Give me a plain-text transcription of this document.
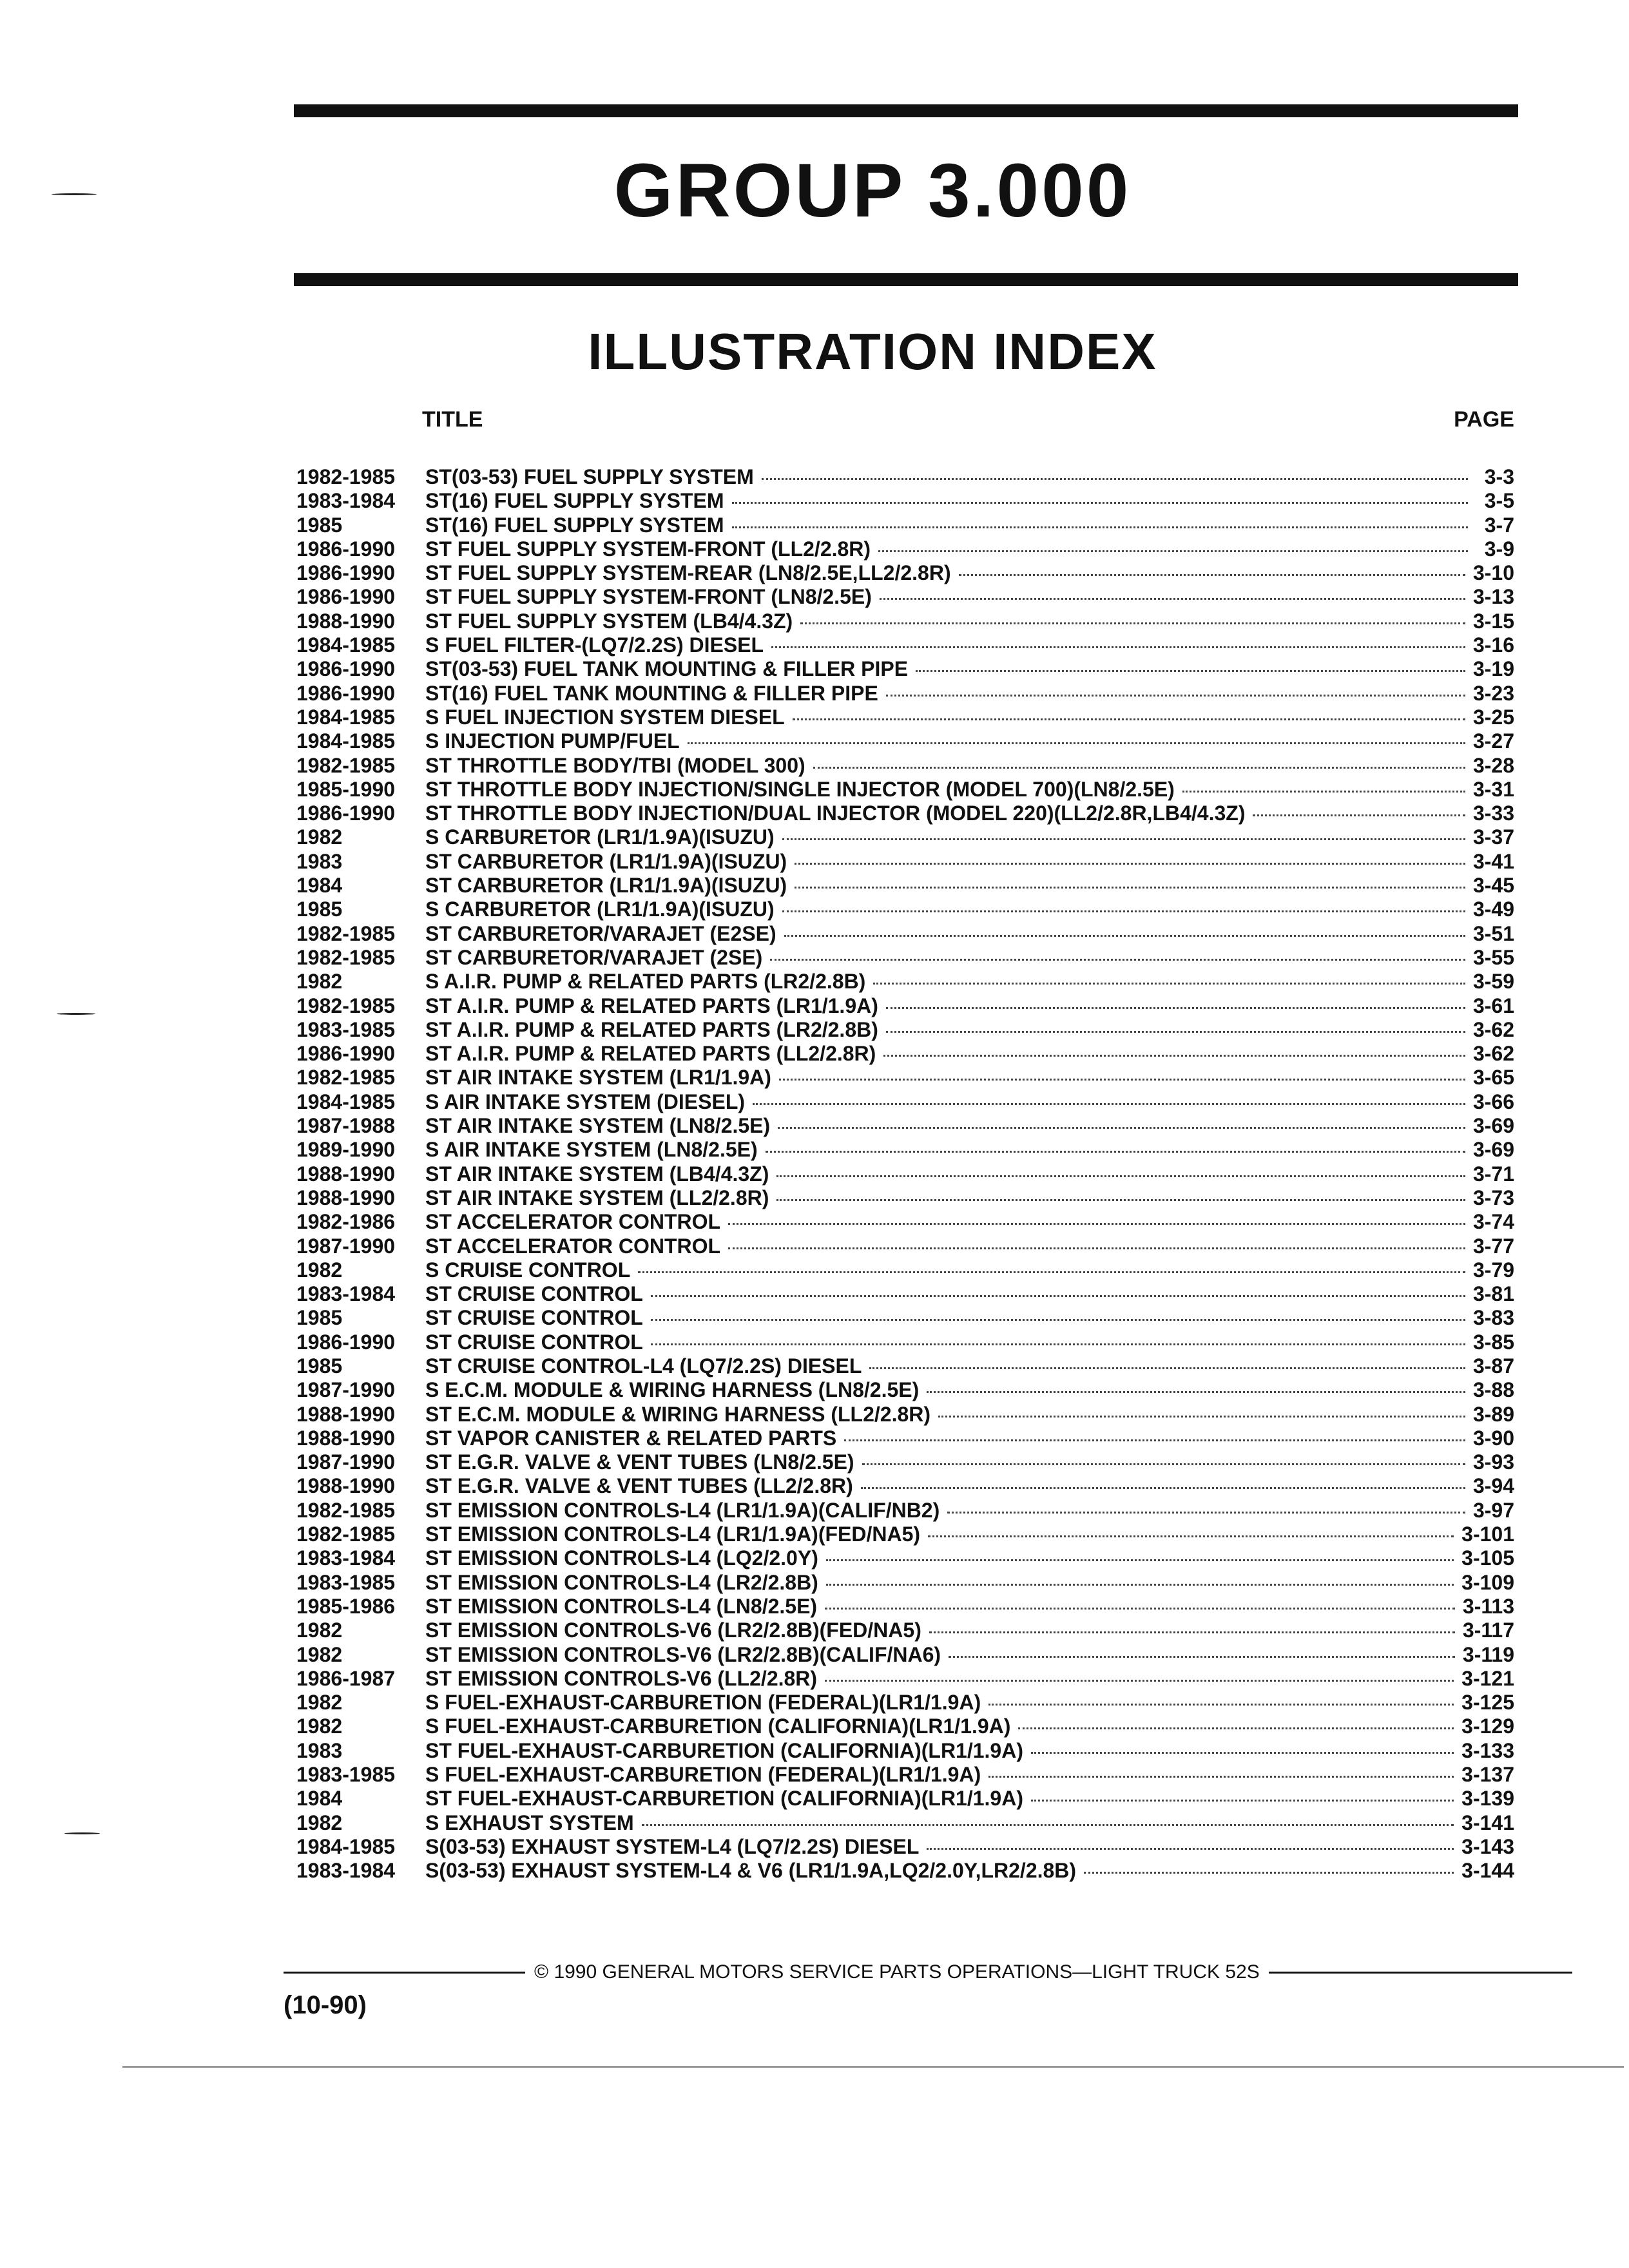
GROUP 3.000
ILLUSTRATION INDEX
TITLE	PAGE
1982-1985	ST(03-53) FUEL SUPPLY SYSTEM	3-3
1983-1984	ST(16) FUEL SUPPLY SYSTEM	3-5
1985	ST(16) FUEL SUPPLY SYSTEM	3-7
1986-1990	ST FUEL SUPPLY SYSTEM-FRONT (LL2/2.8R)	3-9
1986-1990	ST FUEL SUPPLY SYSTEM-REAR (LN8/2.5E,LL2/2.8R)	3-10
1986-1990	ST FUEL SUPPLY SYSTEM-FRONT (LN8/2.5E)	3-13
1988-1990	ST FUEL SUPPLY SYSTEM (LB4/4.3Z)	3-15
1984-1985	S FUEL FILTER-(LQ7/2.2S) DIESEL	3-16
1986-1990	ST(03-53) FUEL TANK MOUNTING & FILLER PIPE	3-19
1986-1990	ST(16) FUEL TANK MOUNTING & FILLER PIPE	3-23
1984-1985	S FUEL INJECTION SYSTEM DIESEL	3-25
1984-1985	S INJECTION PUMP/FUEL	3-27
1982-1985	ST THROTTLE BODY/TBI (MODEL 300)	3-28
1985-1990	ST THROTTLE BODY INJECTION/SINGLE INJECTOR (MODEL 700)(LN8/2.5E)	3-31
1986-1990	ST THROTTLE BODY INJECTION/DUAL INJECTOR (MODEL 220)(LL2/2.8R,LB4/4.3Z)	3-33
1982	S CARBURETOR (LR1/1.9A)(ISUZU)	3-37
1983	ST CARBURETOR (LR1/1.9A)(ISUZU)	3-41
1984	ST CARBURETOR (LR1/1.9A)(ISUZU)	3-45
1985	S CARBURETOR (LR1/1.9A)(ISUZU)	3-49
1982-1985	ST CARBURETOR/VARAJET (E2SE)	3-51
1982-1985	ST CARBURETOR/VARAJET (2SE)	3-55
1982	S A.I.R. PUMP & RELATED PARTS (LR2/2.8B)	3-59
1982-1985	ST A.I.R. PUMP & RELATED PARTS (LR1/1.9A)	3-61
1983-1985	ST A.I.R. PUMP & RELATED PARTS (LR2/2.8B)	3-62
1986-1990	ST A.I.R. PUMP & RELATED PARTS (LL2/2.8R)	3-62
1982-1985	ST AIR INTAKE SYSTEM (LR1/1.9A)	3-65
1984-1985	S AIR INTAKE SYSTEM (DIESEL)	3-66
1987-1988	ST AIR INTAKE SYSTEM (LN8/2.5E)	3-69
1989-1990	S AIR INTAKE SYSTEM (LN8/2.5E)	3-69
1988-1990	ST AIR INTAKE SYSTEM (LB4/4.3Z)	3-71
1988-1990	ST AIR INTAKE SYSTEM (LL2/2.8R)	3-73
1982-1986	ST ACCELERATOR CONTROL	3-74
1987-1990	ST ACCELERATOR CONTROL	3-77
1982	S CRUISE CONTROL	3-79
1983-1984	ST CRUISE CONTROL	3-81
1985	ST CRUISE CONTROL	3-83
1986-1990	ST CRUISE CONTROL	3-85
1985	ST CRUISE CONTROL-L4 (LQ7/2.2S) DIESEL	3-87
1987-1990	S E.C.M. MODULE & WIRING HARNESS (LN8/2.5E)	3-88
1988-1990	ST E.C.M. MODULE & WIRING HARNESS (LL2/2.8R)	3-89
1988-1990	ST VAPOR CANISTER & RELATED PARTS	3-90
1987-1990	ST E.G.R. VALVE & VENT TUBES (LN8/2.5E)	3-93
1988-1990	ST E.G.R. VALVE & VENT TUBES (LL2/2.8R)	3-94
1982-1985	ST EMISSION CONTROLS-L4 (LR1/1.9A)(CALIF/NB2)	3-97
1982-1985	ST EMISSION CONTROLS-L4 (LR1/1.9A)(FED/NA5)	3-101
1983-1984	ST EMISSION CONTROLS-L4 (LQ2/2.0Y)	3-105
1983-1985	ST EMISSION CONTROLS-L4 (LR2/2.8B)	3-109
1985-1986	ST EMISSION CONTROLS-L4 (LN8/2.5E)	3-113
1982	ST EMISSION CONTROLS-V6 (LR2/2.8B)(FED/NA5)	3-117
1982	ST EMISSION CONTROLS-V6 (LR2/2.8B)(CALIF/NA6)	3-119
1986-1987	ST EMISSION CONTROLS-V6 (LL2/2.8R)	3-121
1982	S FUEL-EXHAUST-CARBURETION (FEDERAL)(LR1/1.9A)	3-125
1982	S FUEL-EXHAUST-CARBURETION (CALIFORNIA)(LR1/1.9A)	3-129
1983	ST FUEL-EXHAUST-CARBURETION (CALIFORNIA)(LR1/1.9A)	3-133
1983-1985	S FUEL-EXHAUST-CARBURETION (FEDERAL)(LR1/1.9A)	3-137
1984	ST FUEL-EXHAUST-CARBURETION (CALIFORNIA)(LR1/1.9A)	3-139
1982	S EXHAUST SYSTEM	3-141
1984-1985	S(03-53) EXHAUST SYSTEM-L4 (LQ7/2.2S) DIESEL	3-143
1983-1984	S(03-53) EXHAUST SYSTEM-L4 & V6 (LR1/1.9A,LQ2/2.0Y,LR2/2.8B)	3-144
© 1990 GENERAL MOTORS SERVICE PARTS OPERATIONS—LIGHT TRUCK 52S
(10-90)
